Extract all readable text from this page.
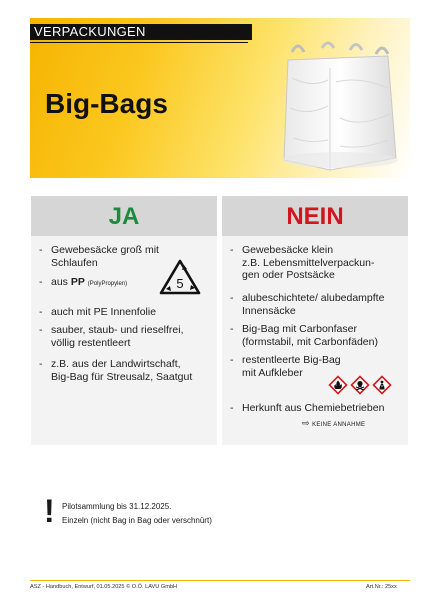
VERPACKUNGEN
Big-Bags
JA
- Gewebesäcke groß mit
Schlaufen
- aus PP (PolyPropylen)	5
- auch mit PE Innenfolie
- sauber, staub- und rieselfrei,
völlig restentleert
- z.B. aus der Landwirtschaft,
Big-Bag für Streusalz, Saatgut
NEIN
- Gewebesäcke klein
z.B. Lebensmittelverpackun-
gen oder Postsäcke
- alubeschichtete/ alubedampfte
Innensäcke
- Big-Bag mit Carbonfaser
(formstabil, mit Carbonfäden)
- restentleerte Big-Bag
mit Aufkleber
- Herkunft aus Chemiebetrieben
⇨ KEINE ANNAHME
! Pilotsammlung bis 31.12.2025.
Einzeln (nicht Bag in Bag oder verschnürt)
ASZ - Handbuch, Entwurf, 01.05.2025 © O.Ö. LAVU GmbH	Art.Nr.: 25xx
